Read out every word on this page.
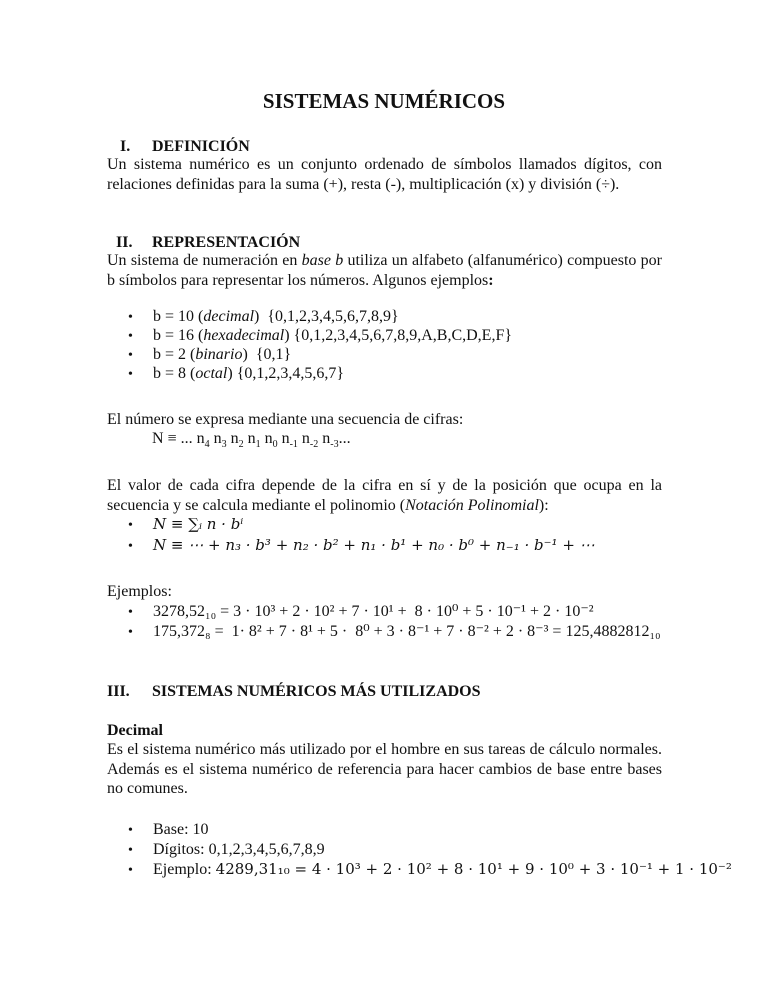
SISTEMAS NUMÉRICOS
I. DEFINICIÓN
Un sistema numérico es un conjunto ordenado de símbolos llamados dígitos, con relaciones definidas para la suma (+), resta (-), multiplicación (x) y división (÷).
II. REPRESENTACIÓN
Un sistema de numeración en base b utiliza un alfabeto (alfanumérico) compuesto por b símbolos para representar los números. Algunos ejemplos:
• b = 10 (decimal)  {0,1,2,3,4,5,6,7,8,9}
• b = 16 (hexadecimal) {0,1,2,3,4,5,6,7,8,9,A,B,C,D,E,F}
• b = 2 (binario)  {0,1}
• b = 8 (octal) {0,1,2,3,4,5,6,7}
El número se expresa mediante una secuencia de cifras:
N ≡ ... $n_4$ $n_3$ $n_2$ $n_1$ $n_0$ $n_{-1}$ $n_{-2}$ $n_{-3}$...
El valor de cada cifra depende de la cifra en sí y de la posición que ocupa en la secuencia y se calcula mediante el polinomio (Notación Polinomial):
• N ≡ ∑ᵢ n · bⁱ
• N ≡ ⋯ + n₃ · b³ + n₂ · b² + n₁ · b¹ + n₀ · b⁰ + n₋₁ · b⁻¹ + ⋯
Ejemplos:
• 3278,52₁₀ = 3 · 10³ + 2 · 10² + 7 · 10¹ +  8 · 10⁰ + 5 · 10⁻¹ + 2 · 10⁻²
• 175,372₈ =  1· 8² + 7 · 8¹ + 5 ·  8⁰ + 3 · 8⁻¹ + 7 · 8⁻² + 2 · 8⁻³ = 125,4882812₁₀
III. SISTEMAS NUMÉRICOS MÁS UTILIZADOS
Decimal
Es el sistema numérico más utilizado por el hombre en sus tareas de cálculo normales. Además es el sistema numérico de referencia para hacer cambios de base entre bases no comunes.
• Base: 10
• Dígitos: 0,1,2,3,4,5,6,7,8,9
• Ejemplo: 4289,31₁₀ = 4 · 10³ + 2 · 10² + 8 · 10¹ + 9 · 10⁰ + 3 · 10⁻¹ + 1 · 10⁻²
